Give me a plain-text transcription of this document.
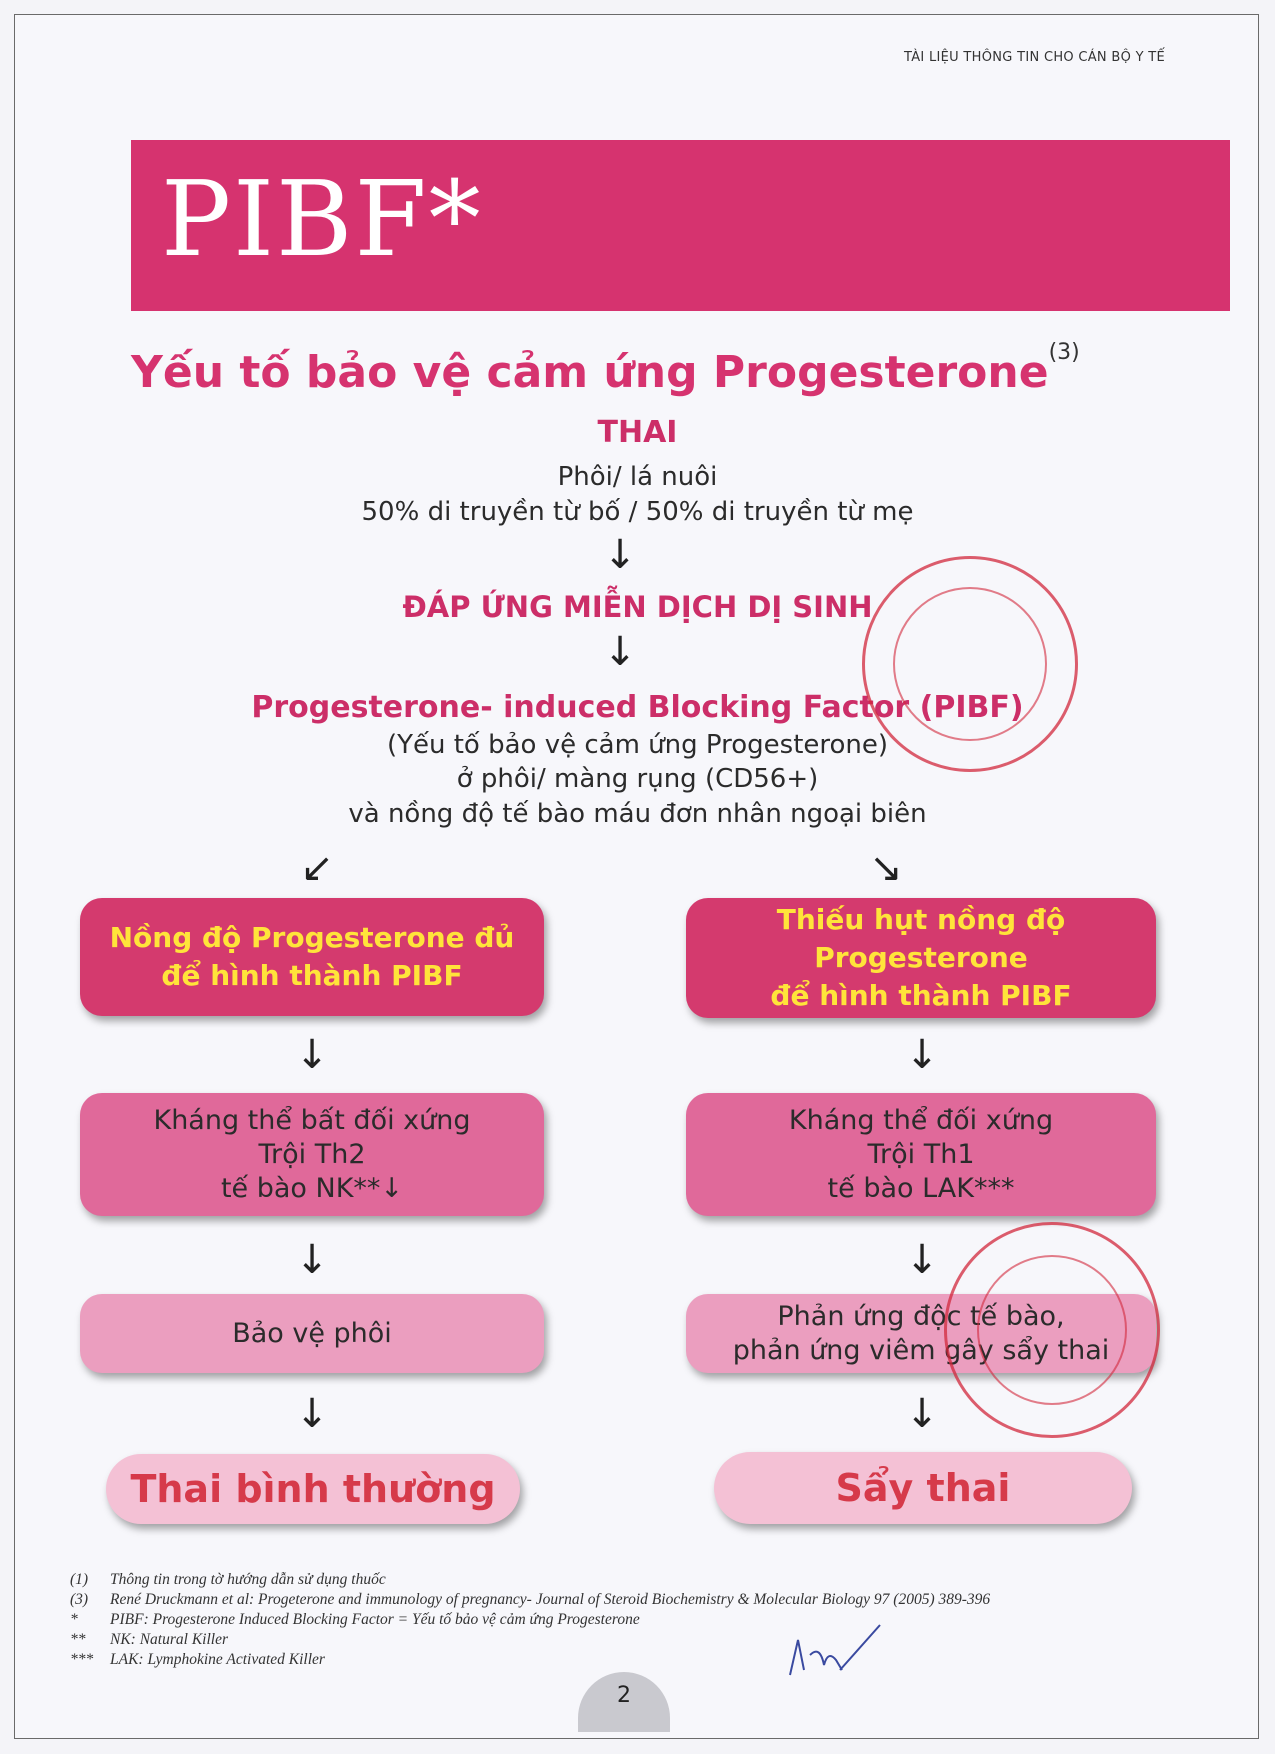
TÀI LIỆU THÔNG TIN CHO CÁN BỘ Y TẾ
PIBF*
Yếu tố bảo vệ cảm ứng Progesterone$^{(3)}$
THAI
Phôi/ lá nuôi
50% di truyền từ bố / 50% di truyền từ mẹ
↓
ĐÁP ỨNG MIỄN DỊCH DỊ SINH
↓
Progesterone- induced Blocking Factor (PIBF)
(Yếu tố bảo vệ cảm ứng Progesterone)
ở phôi/ màng rụng (CD56+)
và nồng độ tế bào máu đơn nhân ngoại biên
↙	↘
Nồng độ Progesterone đủ
để hình thành PIBF
↓
Kháng thể bất đối xứng
Trội Th2
tế bào NK**↓
↓
Bảo vệ phôi
↓
Thai bình thường
Thiếu hụt nồng độ
Progesterone
để hình thành PIBF
↓
Kháng thể đối xứng
Trội Th1
tế bào LAK***
↓
Phản ứng độc tế bào,
phản ứng viêm gây sẩy thai
↓
Sẩy thai
(1)	Thông tin trong tờ hướng dẫn sử dụng thuốc
(3)	René Druckmann et al: Progeterone and immunology of pregnancy- Journal of Steroid Biochemistry & Molecular Biology 97 (2005) 389-396
*	PIBF: Progesterone Induced Blocking Factor = Yếu tố bảo vệ cảm ứng Progesterone
**	NK: Natural Killer
***	LAK: Lymphokine Activated Killer
2
